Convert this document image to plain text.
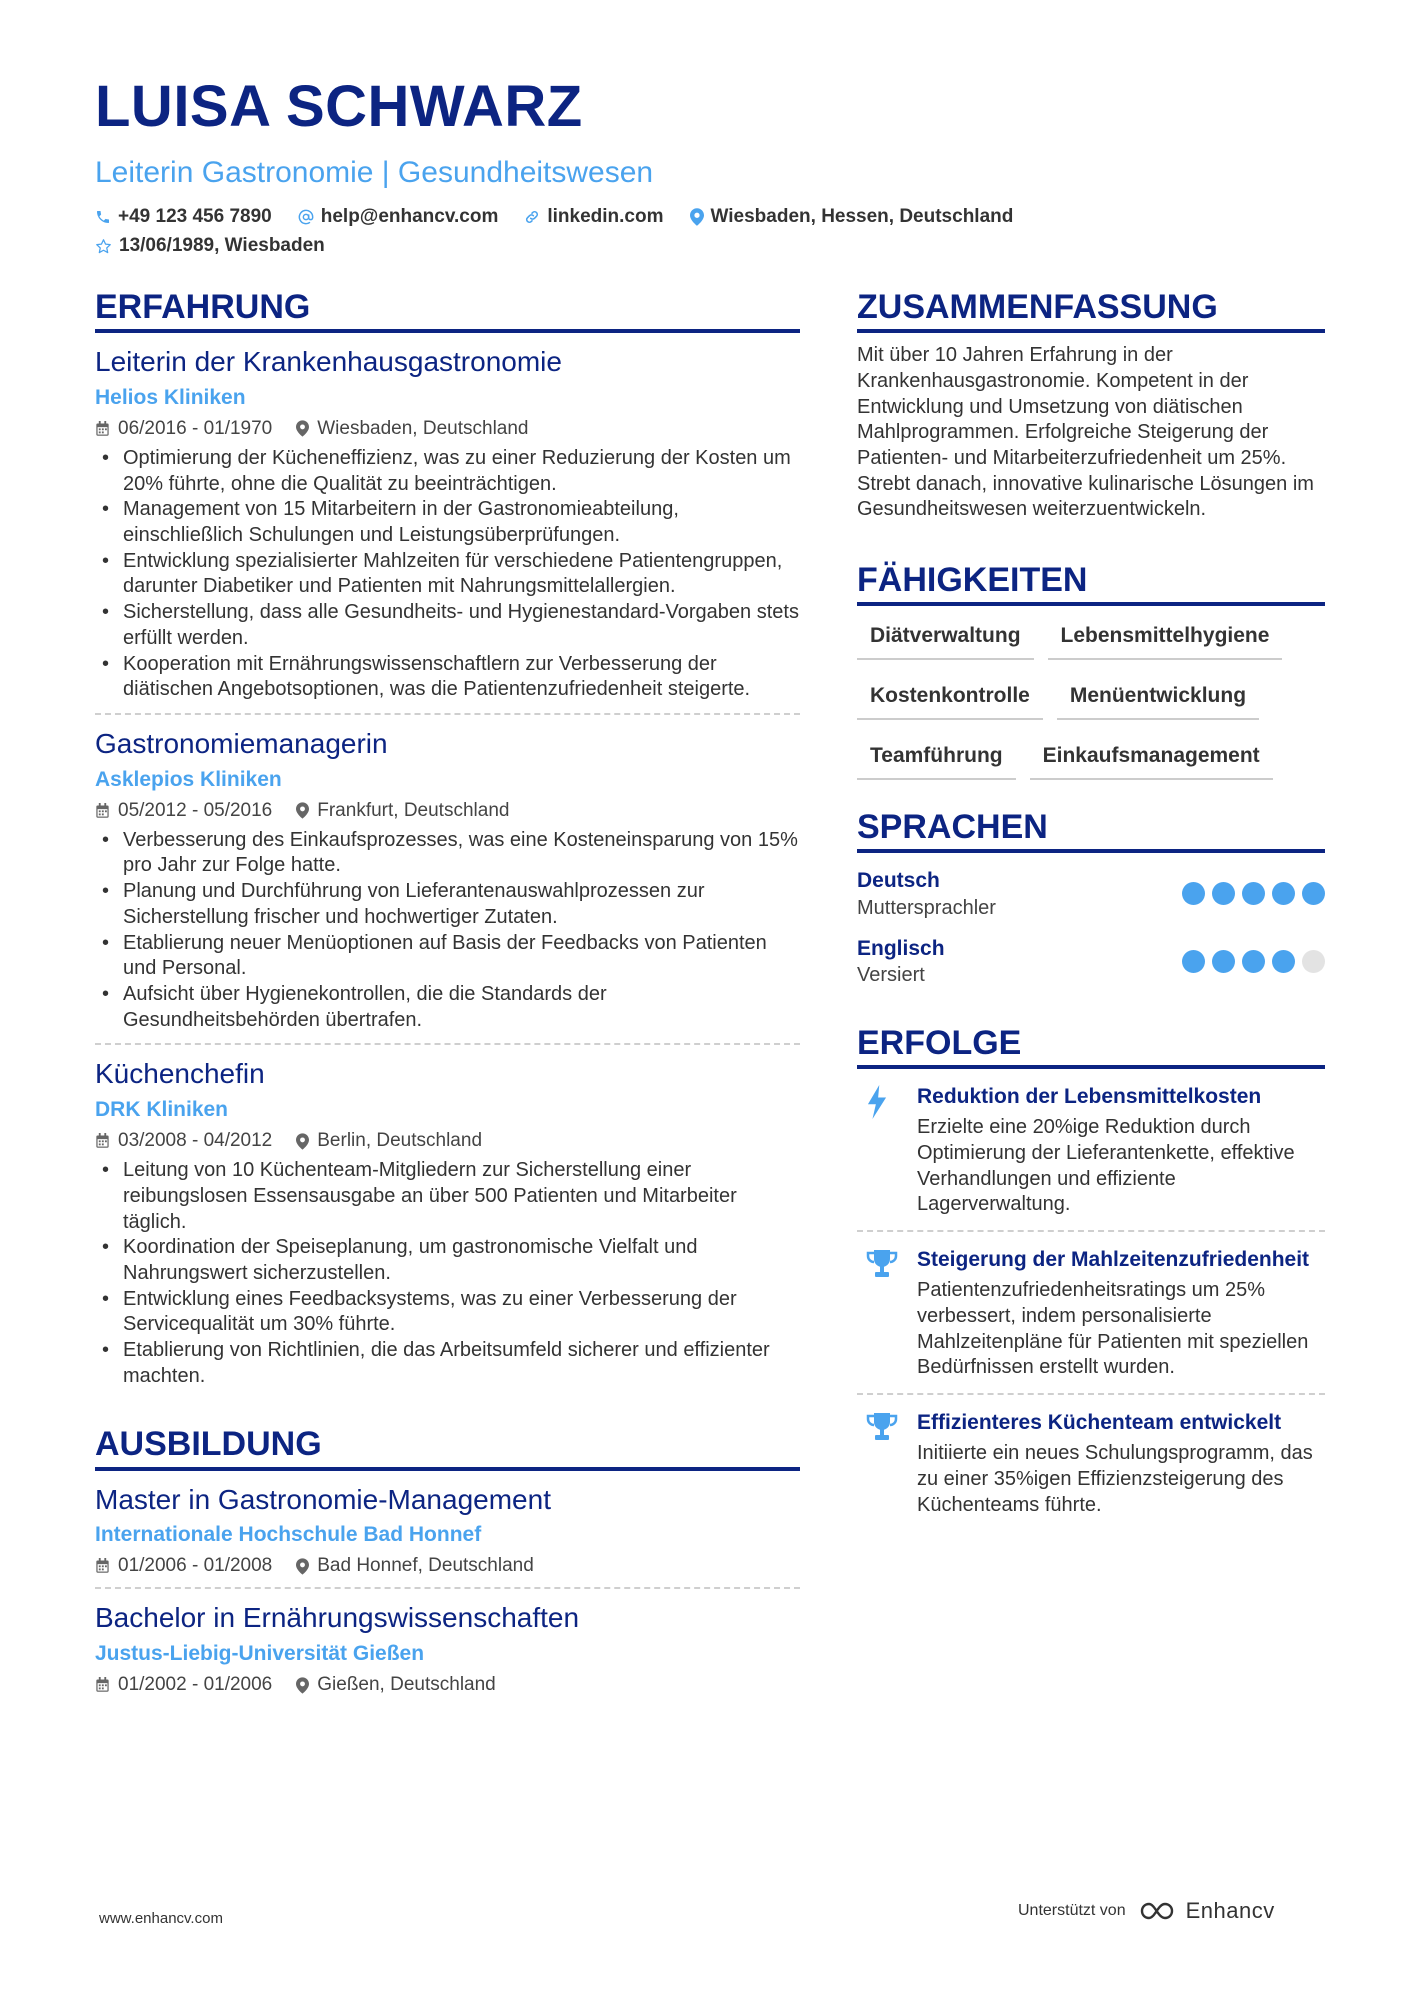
LUISA SCHWARZ
Leiterin Gastronomie | Gesundheitswesen
+49 123 456 7890	help@enhancv.com	linkedin.com Wiesbaden, Hessen, Deutschland
13/06/1989, Wiesbaden
ERFAHRUNG
Leiterin der Krankenhausgastronomie
Helios Kliniken
06/2016 - 01/1970 Wiesbaden, Deutschland
• Optimierung der Kücheneffizienz, was zu einer Reduzierung der Kosten um 20% führte, ohne die Qualität zu beeinträchtigen.
• Management von 15 Mitarbeitern in der Gastronomieabteilung, einschließlich Schulungen und Leistungsüberprüfungen.
• Entwicklung spezialisierter Mahlzeiten für verschiedene Patientengruppen, darunter Diabetiker und Patienten mit Nahrungsmittelallergien.
• Sicherstellung, dass alle Gesundheits- und Hygienestandard-Vorgaben stets erfüllt werden.
• Kooperation mit Ernährungswissenschaftlern zur Verbesserung der diätischen Angebotsoptionen, was die Patientenzufriedenheit steigerte.
Gastronomiemanagerin
Asklepios Kliniken
05/2012 - 05/2016 Frankfurt, Deutschland
• Verbesserung des Einkaufsprozesses, was eine Kosteneinsparung von 15% pro Jahr zur Folge hatte.
• Planung und Durchführung von Lieferantenauswahlprozessen zur Sicherstellung frischer und hochwertiger Zutaten.
• Etablierung neuer Menüoptionen auf Basis der Feedbacks von Patienten und Personal.
• Aufsicht über Hygienekontrollen, die die Standards der Gesundheitsbehörden übertrafen.
Küchenchefin
DRK Kliniken
03/2008 - 04/2012 Berlin, Deutschland
• Leitung von 10 Küchenteam-Mitgliedern zur Sicherstellung einer reibungslosen Essensausgabe an über 500 Patienten und Mitarbeiter täglich.
• Koordination der Speiseplanung, um gastronomische Vielfalt und Nahrungswert sicherzustellen.
• Entwicklung eines Feedbacksystems, was zu einer Verbesserung der Servicequalität um 30% führte.
• Etablierung von Richtlinien, die das Arbeitsumfeld sicherer und effizienter machten.
AUSBILDUNG
Master in Gastronomie-Management
Internationale Hochschule Bad Honnef
01/2006 - 01/2008 Bad Honnef, Deutschland
Bachelor in Ernährungswissenschaften
Justus-Liebig-Universität Gießen
01/2002 - 01/2006 Gießen, Deutschland
ZUSAMMENFASSUNG
Mit über 10 Jahren Erfahrung in der Krankenhausgastronomie. Kompetent in der Entwicklung und Umsetzung von diätischen Mahlprogrammen. Erfolgreiche Steigerung der Patienten- und Mitarbeiterzufriedenheit um 25%. Strebt danach, innovative kulinarische Lösungen im Gesundheitswesen weiterzuentwickeln.
FÄHIGKEITEN
Diätverwaltung	Lebensmittelhygiene
Kostenkontrolle	Menüentwicklung
Teamführung	Einkaufsmanagement
SPRACHEN
Deutsch
Muttersprachler
Englisch
Versiert
ERFOLGE
Reduktion der Lebensmittelkosten
Erzielte eine 20%ige Reduktion durch Optimierung der Lieferantenkette, effektive Verhandlungen und effiziente Lagerverwaltung.
Steigerung der Mahlzeitenzufriedenheit
Patientenzufriedenheitsratings um 25% verbessert, indem personalisierte Mahlzeitenpläne für Patienten mit speziellen Bedürfnissen erstellt wurden.
Effizienteres Küchenteam entwickelt
Initiierte ein neues Schulungsprogramm, das zu einer 35%igen Effizienzsteigerung des Küchenteams führte.
www.enhancv.com	Unterstützt von	Enhancv
